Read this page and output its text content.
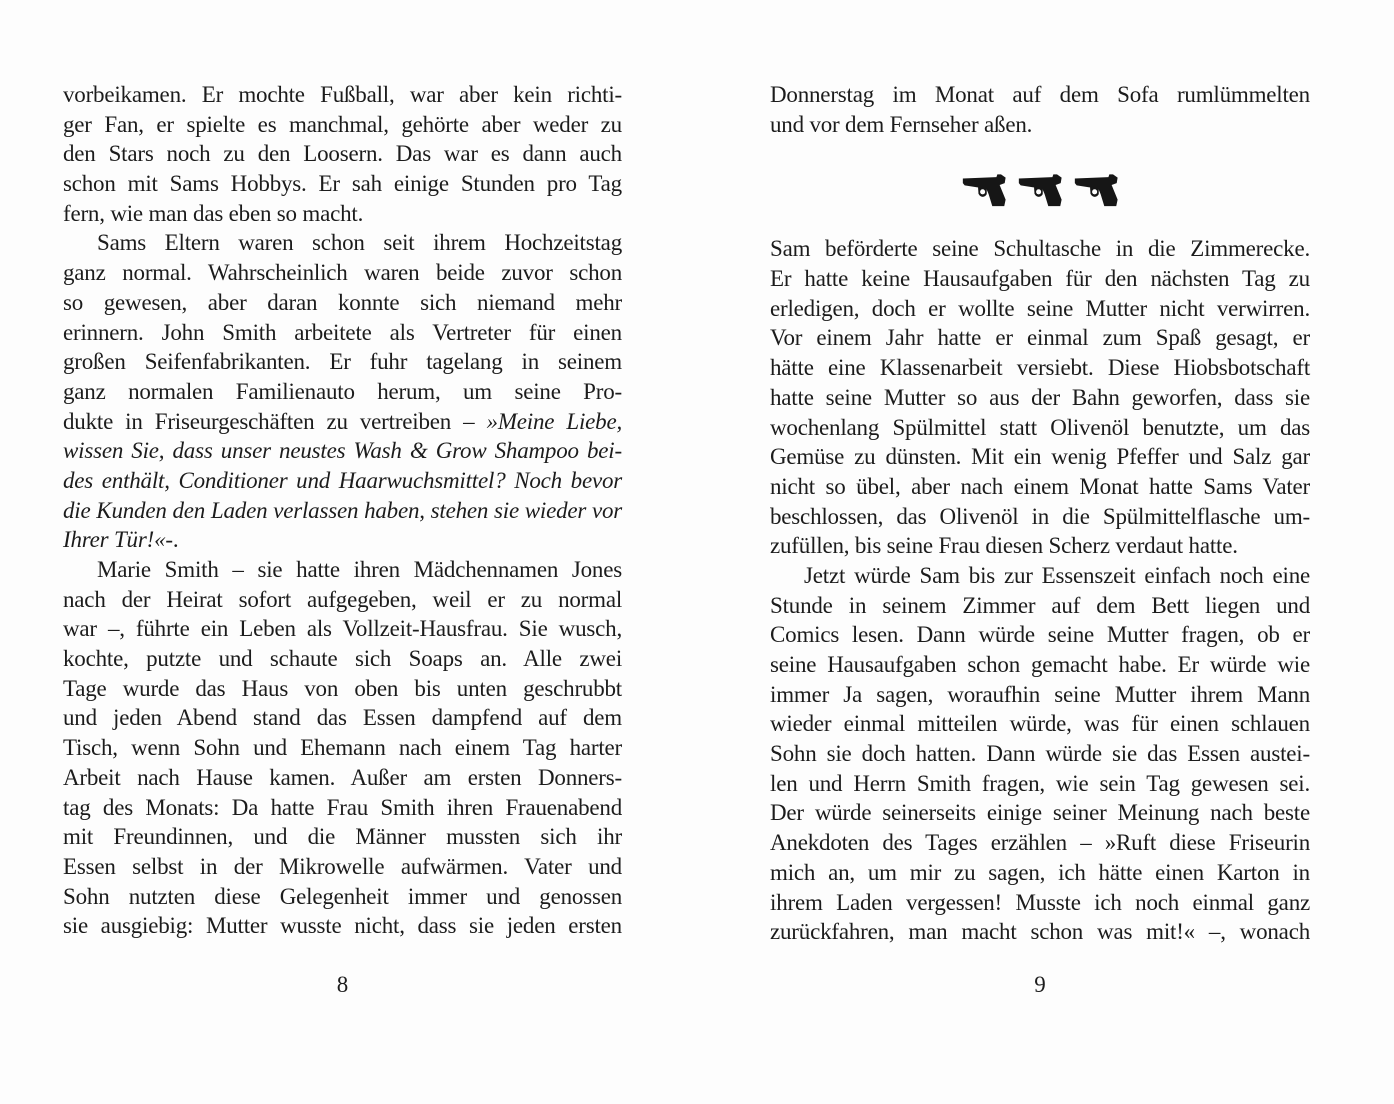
vorbeikamen. Er mochte Fußball, war aber kein richti-
ger Fan, er spielte es manchmal, gehörte aber weder zu
den Stars noch zu den Loosern. Das war es dann auch
schon mit Sams Hobbys. Er sah einige Stunden pro Tag
fern, wie man das eben so macht.
Sams Eltern waren schon seit ihrem Hochzeitstag
ganz normal. Wahrscheinlich waren beide zuvor schon
so gewesen, aber daran konnte sich niemand mehr
erinnern. John Smith arbeitete als Vertreter für einen
großen Seifenfabrikanten. Er fuhr tagelang in seinem
ganz normalen Familienauto herum, um seine Pro-
dukte in Friseurgeschäften zu vertreiben – »Meine Liebe,
wissen Sie, dass unser neustes Wash & Grow Shampoo bei-
des enthält, Conditioner und Haarwuchsmittel? Noch bevor
die Kunden den Laden verlassen haben, stehen sie wieder vor
Ihrer Tür!«-.
Marie Smith – sie hatte ihren Mädchennamen Jones
nach der Heirat sofort aufgegeben, weil er zu normal
war –, führte ein Leben als Vollzeit-Hausfrau. Sie wusch,
kochte, putzte und schaute sich Soaps an. Alle zwei
Tage wurde das Haus von oben bis unten geschrubbt
und jeden Abend stand das Essen dampfend auf dem
Tisch, wenn Sohn und Ehemann nach einem Tag harter
Arbeit nach Hause kamen. Außer am ersten Donners-
tag des Monats: Da hatte Frau Smith ihren Frauenabend
mit Freundinnen, und die Männer mussten sich ihr
Essen selbst in der Mikrowelle aufwärmen. Vater und
Sohn nutzten diese Gelegenheit immer und genossen
sie ausgiebig: Mutter wusste nicht, dass sie jeden ersten
8
Donnerstag im Monat auf dem Sofa rumlümmelten
und vor dem Fernseher aßen.
Sam beförderte seine Schultasche in die Zimmerecke.
Er hatte keine Hausaufgaben für den nächsten Tag zu
erledigen, doch er wollte seine Mutter nicht verwirren.
Vor einem Jahr hatte er einmal zum Spaß gesagt, er
hätte eine Klassenarbeit versiebt. Diese Hiobsbotschaft
hatte seine Mutter so aus der Bahn geworfen, dass sie
wochenlang Spülmittel statt Olivenöl benutzte, um das
Gemüse zu dünsten. Mit ein wenig Pfeffer und Salz gar
nicht so übel, aber nach einem Monat hatte Sams Vater
beschlossen, das Olivenöl in die Spülmittelflasche um-
zufüllen, bis seine Frau diesen Scherz verdaut hatte.
Jetzt würde Sam bis zur Essenszeit einfach noch eine
Stunde in seinem Zimmer auf dem Bett liegen und
Comics lesen. Dann würde seine Mutter fragen, ob er
seine Hausaufgaben schon gemacht habe. Er würde wie
immer Ja sagen, woraufhin seine Mutter ihrem Mann
wieder einmal mitteilen würde, was für einen schlauen
Sohn sie doch hatten. Dann würde sie das Essen austei-
len und Herrn Smith fragen, wie sein Tag gewesen sei.
Der würde seinerseits einige seiner Meinung nach beste
Anekdoten des Tages erzählen – »Ruft diese Friseurin
mich an, um mir zu sagen, ich hätte einen Karton in
ihrem Laden vergessen! Musste ich noch einmal ganz
zurückfahren, man macht schon was mit!« –, wonach
9
